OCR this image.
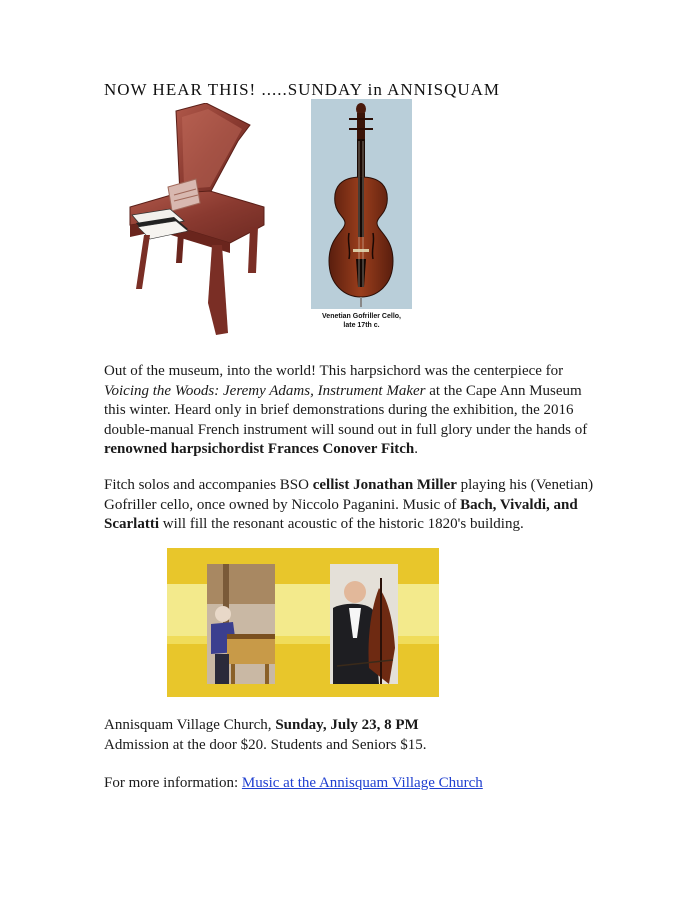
NOW HEAR THIS! .....SUNDAY in ANNISQUAM
Venetian Gofriller Cello,
late 17th c.
Out of the museum, into the world! This harpsichord was the centerpiece for Voicing the Woods: Jeremy Adams, Instrument Maker at the Cape Ann Museum this winter. Heard only in brief demonstrations during the exhibition, the 2016 double-manual French instrument will sound out in full glory under the hands of renowned harpsichordist Frances Conover Fitch.
Fitch solos and accompanies BSO cellist Jonathan Miller playing his (Venetian) Gofriller cello, once owned by Niccolo Paganini. Music of Bach, Vivaldi, and Scarlatti will fill the resonant acoustic of the historic 1820's building.
Annisquam Village Church, Sunday, July 23, 8 PM
Admission at the door $20. Students and Seniors $15.
For more information: Music at the Annisquam Village Church
